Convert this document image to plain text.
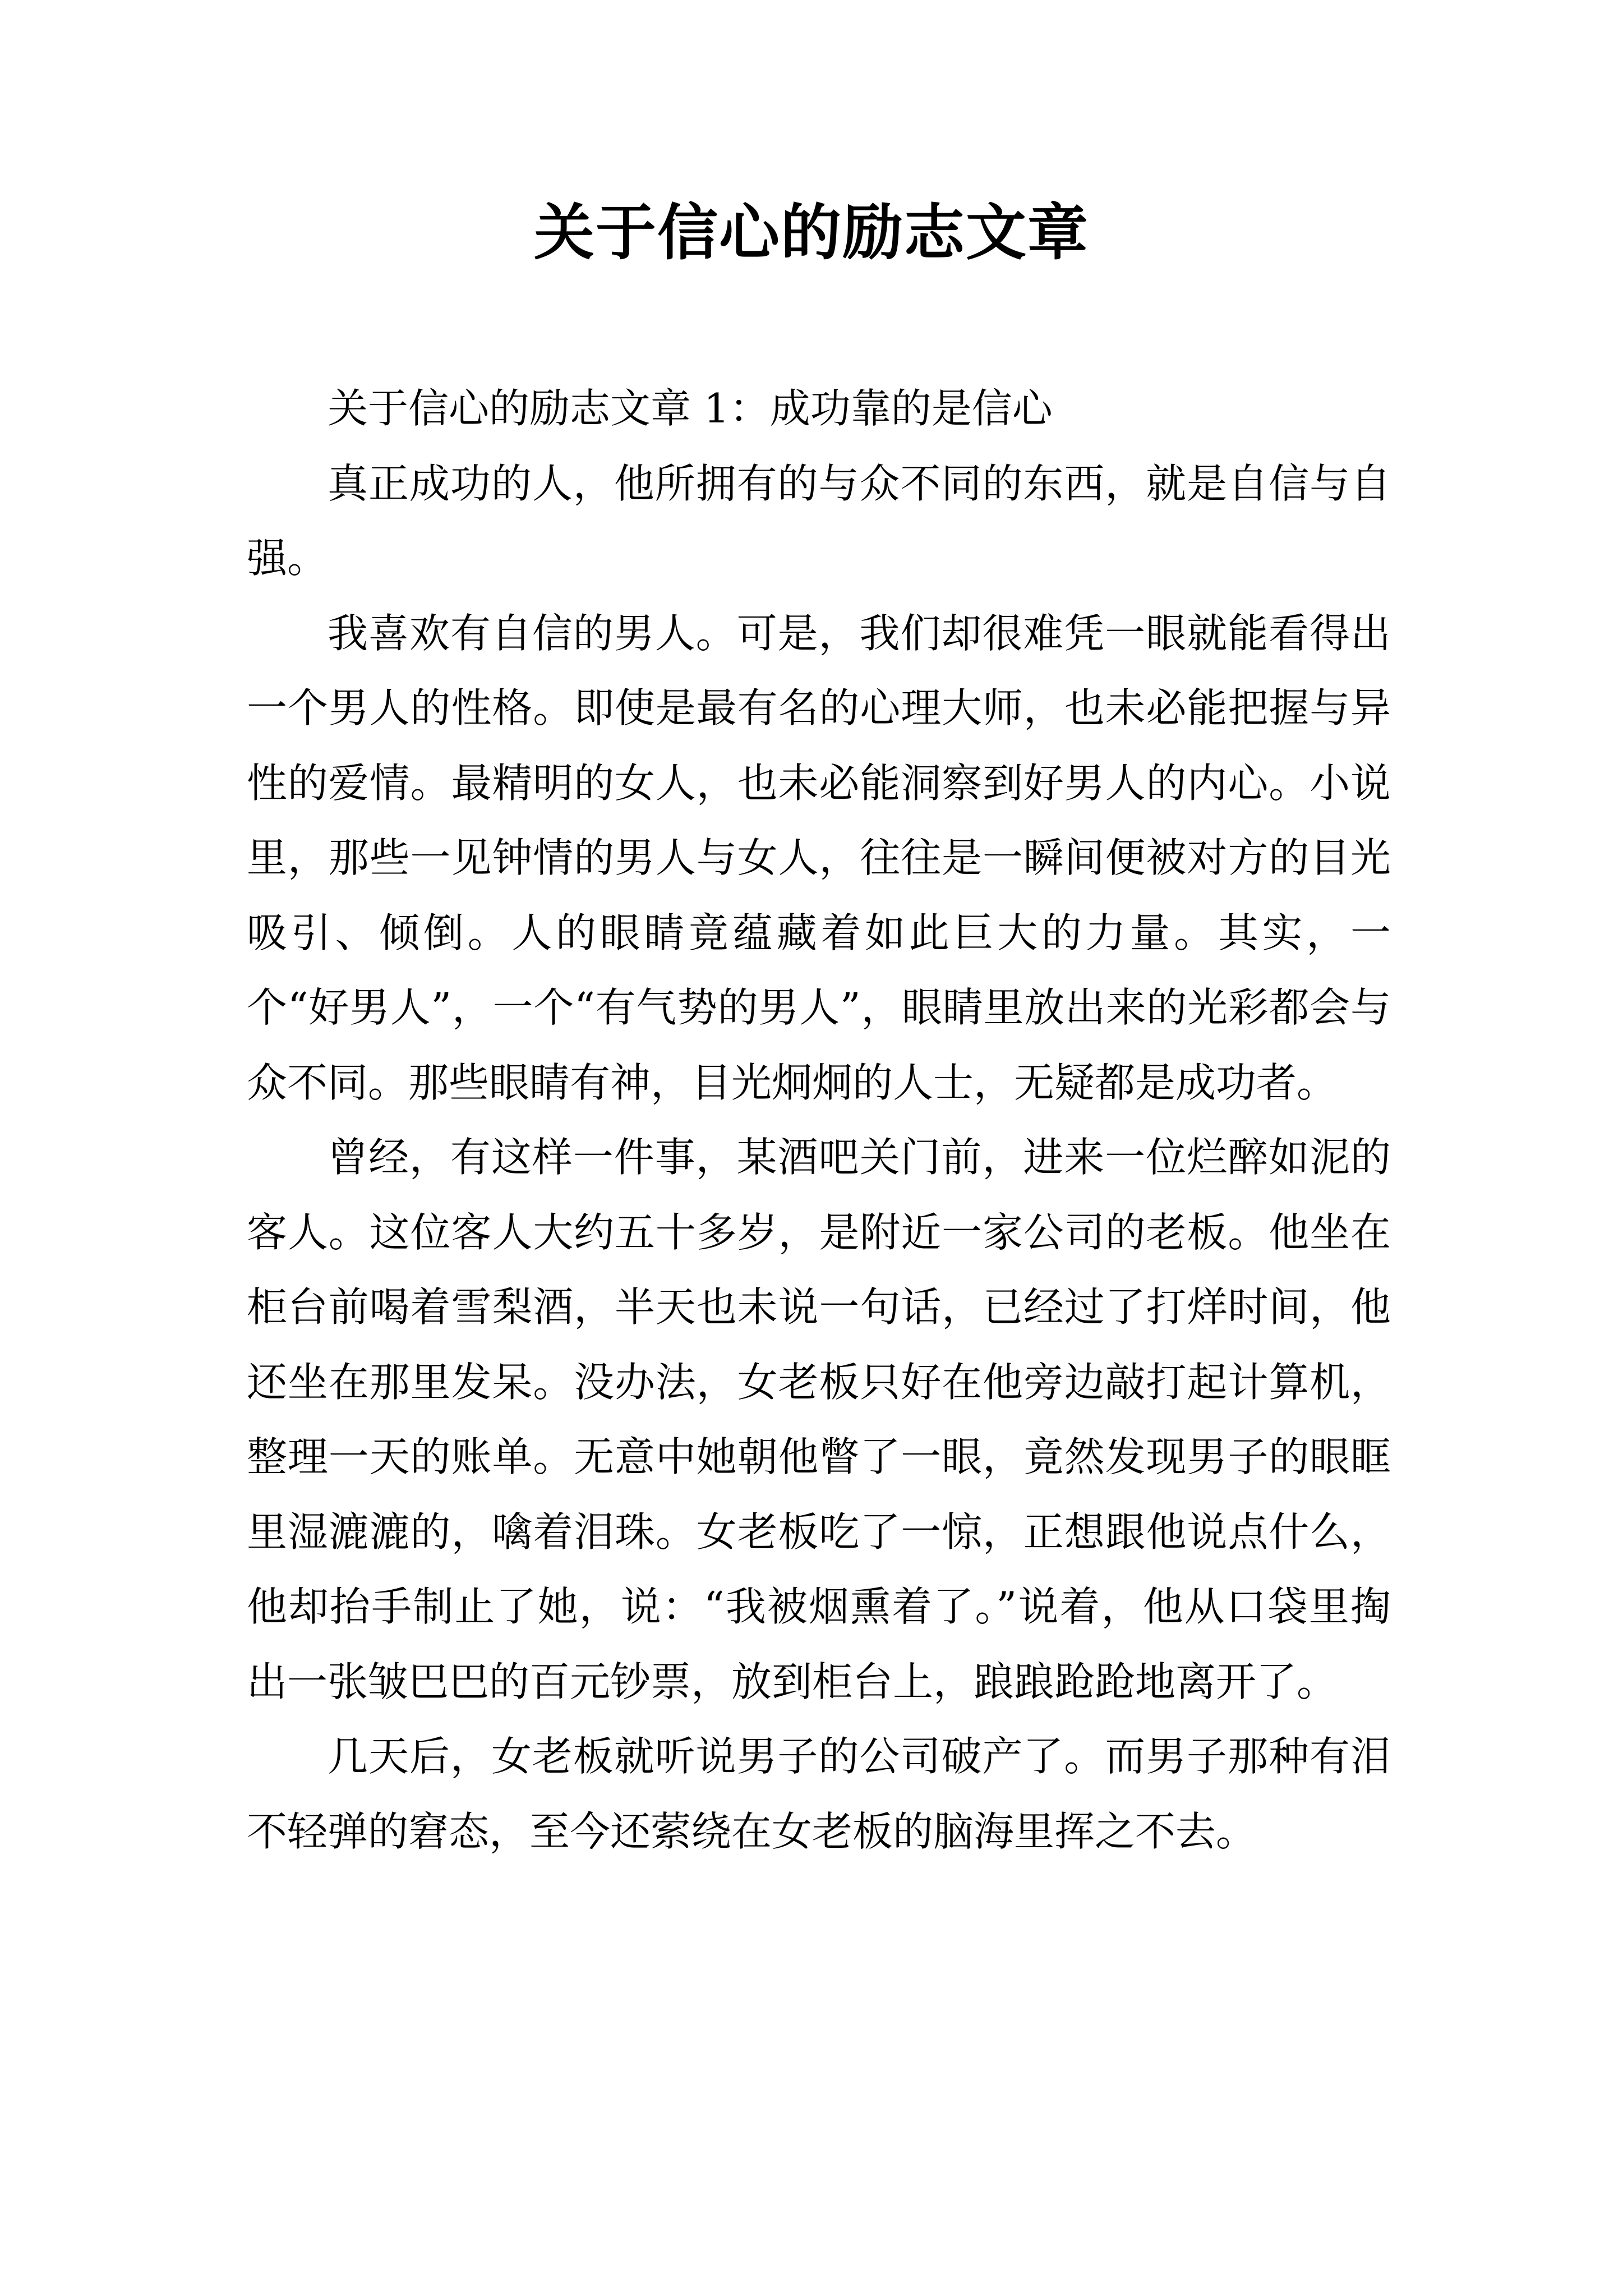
关于信心的励志文章

关于信心的励志文章 1：成功靠的是信心

真正成功的人，他所拥有的与众不同的东西，就是自信与自强。

我喜欢有自信的男人。可是，我们却很难凭一眼就能看得出一个男人的性格。即使是最有名的心理大师，也未必能把握与异性的爱情。最精明的女人，也未必能洞察到好男人的内心。小说里，那些一见钟情的男人与女人，往往是一瞬间便被对方的目光吸引、倾倒。人的眼睛竟蕴藏着如此巨大的力量。其实，一个“好男人”，一个“有气势的男人”，眼睛里放出来的光彩都会与众不同。那些眼睛有神，目光炯炯的人士，无疑都是成功者。

曾经，有这样一件事，某酒吧关门前，进来一位烂醉如泥的客人。这位客人大约五十多岁，是附近一家公司的老板。他坐在柜台前喝着雪梨酒，半天也未说一句话，已经过了打烊时间，他还坐在那里发呆。没办法，女老板只好在他旁边敲打起计算机，整理一天的账单。无意中她朝他瞥了一眼，竟然发现男子的眼眶里湿漉漉的，噙着泪珠。女老板吃了一惊，正想跟他说点什么，他却抬手制止了她，说：“我被烟熏着了。”说着，他从口袋里掏出一张皱巴巴的百元钞票，放到柜台上，踉踉跄跄地离开了。

几天后，女老板就听说男子的公司破产了。而男子那种有泪不轻弹的窘态，至今还萦绕在女老板的脑海里挥之不去。
